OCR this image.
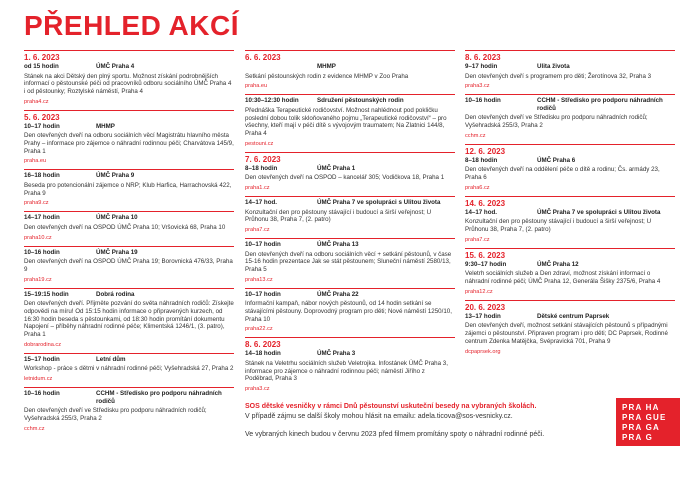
PŘEHLED AKCÍ
1. 6. 2023
od 15 hodin	ÚMČ Praha 4
Stánek na akci Dětský den plný sportu. Možnost získání podrobnějších informací o pěstounské péči od pracovníků odboru sociálního ÚMČ Praha 4 i od pěstounky; Roztylské náměstí, Praha 4
praha4.cz
5. 6. 2023
10–17 hodin	MHMP
Den otevřených dveří na odboru sociálních věcí Magistrátu hlavního města Prahy – informace pro zájemce o náhradní rodinnou péči; Charvátova 145/9, Praha 1
praha.eu
16–18 hodin	ÚMČ Praha 9
Beseda pro potencionální zájemce o NRP; Klub Harfica, Harrachovská 422, Praha 9
praha9.cz
14–17 hodin	ÚMČ Praha 10
Den otevřených dveří na OSPOD ÚMČ Praha 10; Vršovická 68, Praha 10
praha10.cz
10–16 hodin	ÚMČ Praha 19
Den otevřených dveří na OSPOD ÚMČ Praha 19; Borovnická 476/33, Praha 9
praha19.cz
15–19:15 hodin	Dobrá rodina
Den otevřených dveří. Přijměte pozvání do světa náhradních rodičů: Získejte odpovědi na míru! Od 15:15 hodin informace o připravených kurzech, od 16:30 hodin beseda s pěstounkami, od 18:30 hodin promítání dokumentu Napojení – příběhy náhradní rodinné péče; Klimentská 1246/1, (3. patro), Praha 1
dobrarodina.cz
15–17 hodin	Letní dům
Workshop - práce s dětmi v náhradní rodinné péči; Vyšehradská 27, Praha 2
letnidum.cz
10–16 hodin	CCHM - Středisko pro podporu náhradních rodičů
Den otevřených dveří ve Středisku pro podporu náhradních rodičů; Vyšehradská 255/3, Praha 2
cchm.cz
6. 6. 2023
MHMP
Setkání pěstounských rodin z evidence MHMP v Zoo Praha
praha.eu
10:30–12:30 hodin	Sdružení pěstounských rodin
Přednáška Terapeutické rodičovství. Možnost nahlédnout pod pokličku poslední dobou tolik skloňovaného pojmu „Terapeutické rodičovství“ – pro všechny, kteří mají v péči dítě s vývojovým traumatem; Na Zlatnici 144/8, Praha 4
pestouni.cz
7. 6. 2023
8–18 hodin	ÚMČ Praha 1
Den otevřených dveří na OSPOD – kancelář 305; Vodičkova 18, Praha 1
praha1.cz
14–17 hod.	ÚMČ Praha 7 ve spolupráci s Ulitou života
Konzultační den pro pěstouny stávající i budoucí a širší veřejnost; U Průhonu 38, Praha 7, (2. patro)
praha7.cz
10–17 hodin	ÚMČ Praha 13
Den otevřených dveří na odboru sociálních věcí + setkání pěstounů, v čase 15-16 hodin prezentace Jak se stát pěstounem; Sluneční náměstí 2580/13, Praha 5
praha13.cz
10–17 hodin	ÚMČ Praha 22
Informační kampaň, nábor nových pěstounů, od 14 hodin setkání se stávajícími pěstouny. Doprovodný program pro děti; Nové náměstí 1250/10, Praha 10
praha22.cz
8. 6. 2023
14–18 hodin	ÚMČ Praha 3
Stánek na Veletrhu sociálních služeb Veletrojka. Infostánek ÚMČ Praha 3, informace pro zájemce o náhradní rodinnou péči; náměstí Jiřího z Poděbrad, Praha 3
praha3.cz
8. 6. 2023
9–17 hodin	Ulita života
Den otevřených dveří s programem pro děti; Žerotínova 32, Praha 3
praha3.cz
10–16 hodin	CCHM - Středisko pro podporu náhradních rodičů
Den otevřených dveří ve Středisku pro podporu náhradních rodičů; Vyšehradská 255/3, Praha 2
cchm.cz
12. 6. 2023
8–18 hodin	ÚMČ Praha 6
Den otevřených dveří na oddělení péče o dítě a rodinu; Čs. armády 23, Praha 6
praha6.cz
14. 6. 2023
14–17 hod.	ÚMČ Praha 7 ve spolupráci s Ulitou života
Konzultační den pro pěstouny stávající i budoucí a širší veřejnost; U Průhonu 38, Praha 7, (2. patro)
praha7.cz
15. 6. 2023
9:30–17 hodin	ÚMČ Praha 12
Veletrh sociálních služeb a Den zdraví, možnost získání informací o náhradní rodinné péči; ÚMČ Praha 12, Generála Šišky 2375/6, Praha 4
praha12.cz
20. 6. 2023
13–17 hodin	Dětské centrum Paprsek
Den otevřených dveří, možnost setkání stávajících pěstounů s případnými zájemci o pěstounství. Připraven program i pro děti; DC Paprsek, Rodinné centrum Zdenka Matějčka, Svépravická 701, Praha 9
dcpaprsek.org
SOS dětské vesničky v rámci Dnů pěstounství uskuteční besedy na vybraných školách.
V případě zájmu se další školy mohou hlásit na emailu: adela.ticova@sos-vesnicky.cz.
Ve vybraných kinech budou v červnu 2023 před filmem promítány spoty o náhradní rodinné péči.
PRA HA
PRA GUE
PRA GA
PRA G
